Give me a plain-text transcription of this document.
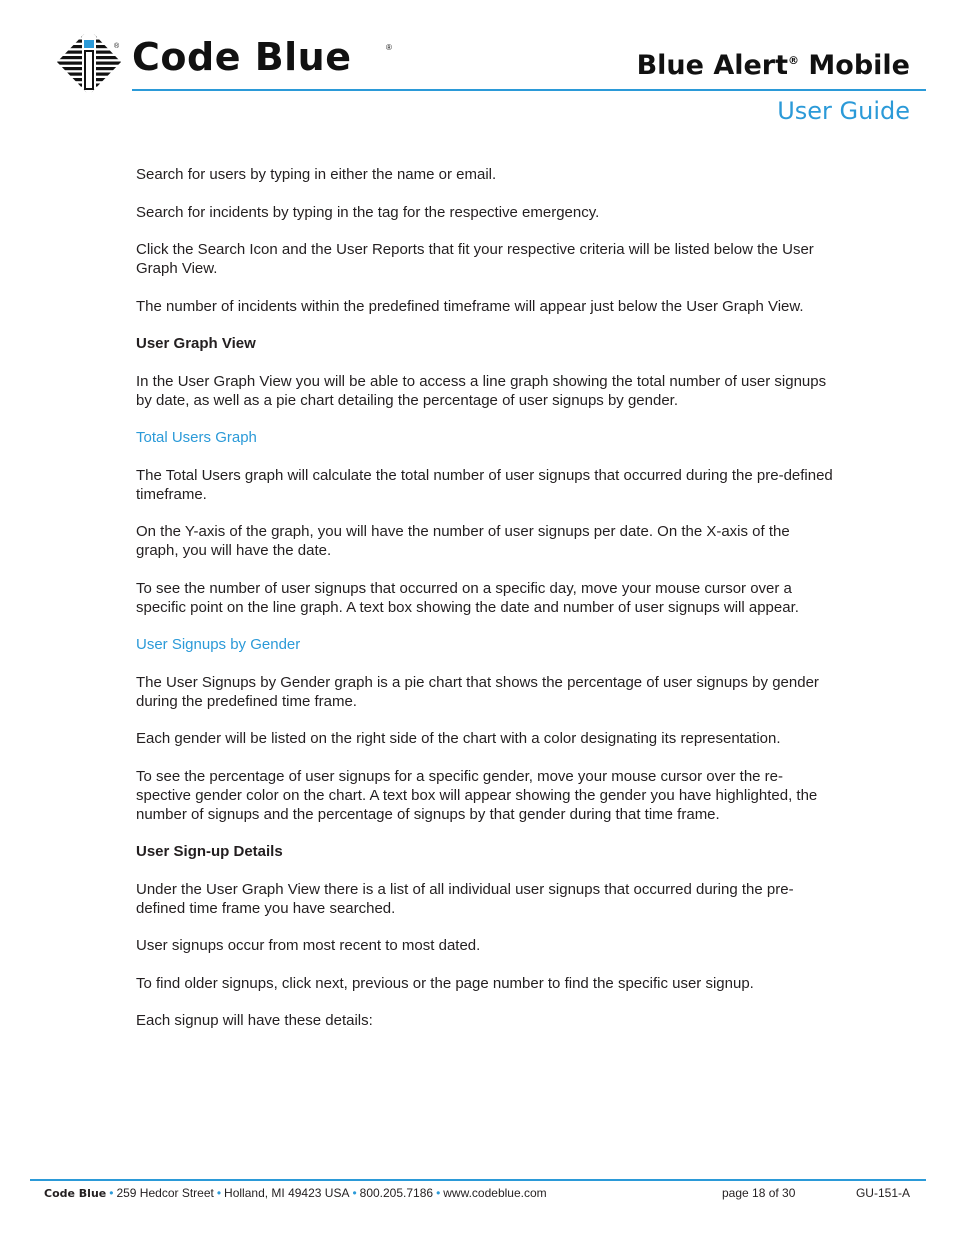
® Code Blue	®
Blue Alert® Mobile
User Guide

Search for users by typing in either the name or email.

Search for incidents by typing in the tag for the respective emergency.

Click the Search Icon and the User Reports that fit your respective criteria will be listed below the User Graph View.

The number of incidents within the predefined timeframe will appear just below the User Graph View.

User Graph View

In the User Graph View you will be able to access a line graph showing the total number of user signups by date, as well as a pie chart detailing the percentage of user signups by gender.

Total Users Graph

The Total Users graph will calculate the total number of user signups that occurred during the pre-defined timeframe.

On the Y-axis of the graph, you will have the number of user signups per date. On the X-axis of the graph, you will have the date.

To see the number of user signups that occurred on a specific day, move your mouse cursor over a specific point on the line graph. A text box showing the date and number of user signups will appear.

User Signups by Gender

The User Signups by Gender graph is a pie chart that shows the percentage of user signups by gender during the predefined time frame.

Each gender will be listed on the right side of the chart with a color designating its representation.

To see the percentage of user signups for a specific gender, move your mouse cursor over the re-spective gender color on the chart. A text box will appear showing the gender you have highlighted, the number of signups and the percentage of signups by that gender during that time frame.

User Sign-up Details

Under the User Graph View there is a list of all individual user signups that occurred during the pre-defined time frame you have searched.

User signups occur from most recent to most dated.

To find older signups, click next, previous or the page number to find the specific user signup.

Each signup will have these details:

Code Blue • 259 Hedcor Street • Holland, MI 49423 USA • 800.205.7186 • www.codeblue.com	page 18 of 30	GU-151-A
